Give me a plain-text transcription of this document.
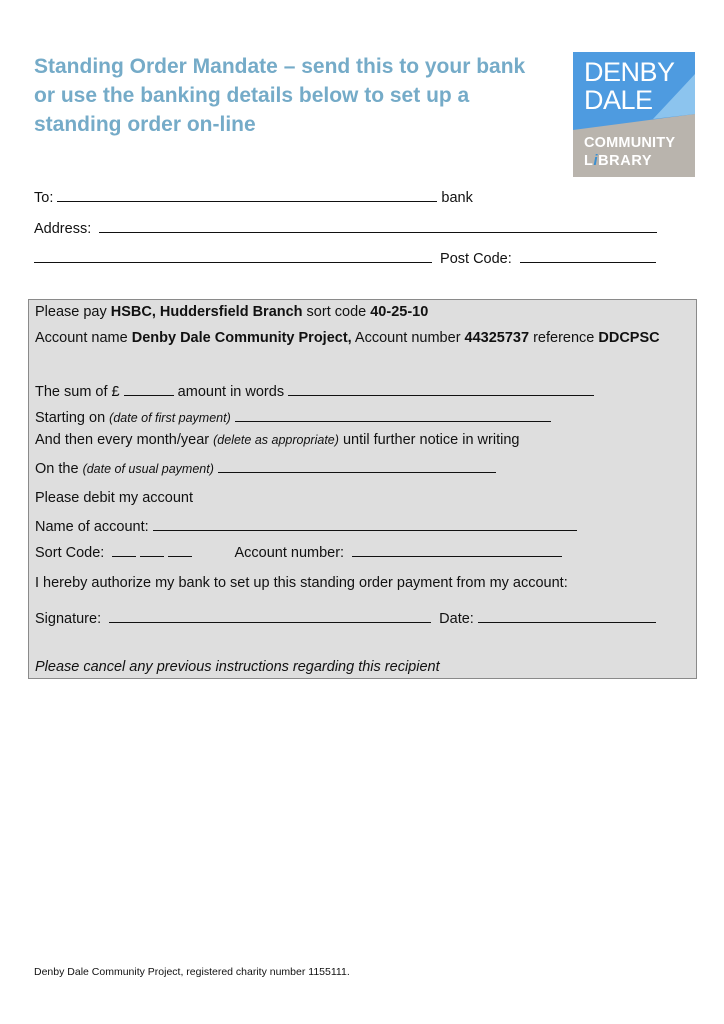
Standing Order Mandate – send this to your bank
or use the banking details below to set up a
standing order on-line
DENBY
DALE
COMMUNITY
LiBRARY
To:	bank
Address:
Post Code:
Please pay HSBC, Huddersfield Branch sort code 40-25-10
Account name Denby Dale Community Project, Account number 44325737 reference DDCPSC
The sum of £	amount in words
Starting on (date of first payment)
And then every month/year (delete as appropriate) until further notice in writing
On the (date of usual payment)
Please debit my account
Name of account:
Sort Code:	Account number:
I hereby authorize my bank to set up this standing order payment from my account:
Signature:	Date:
Please cancel any previous instructions regarding this recipient
Denby Dale Community Project, registered charity number 1155111.
